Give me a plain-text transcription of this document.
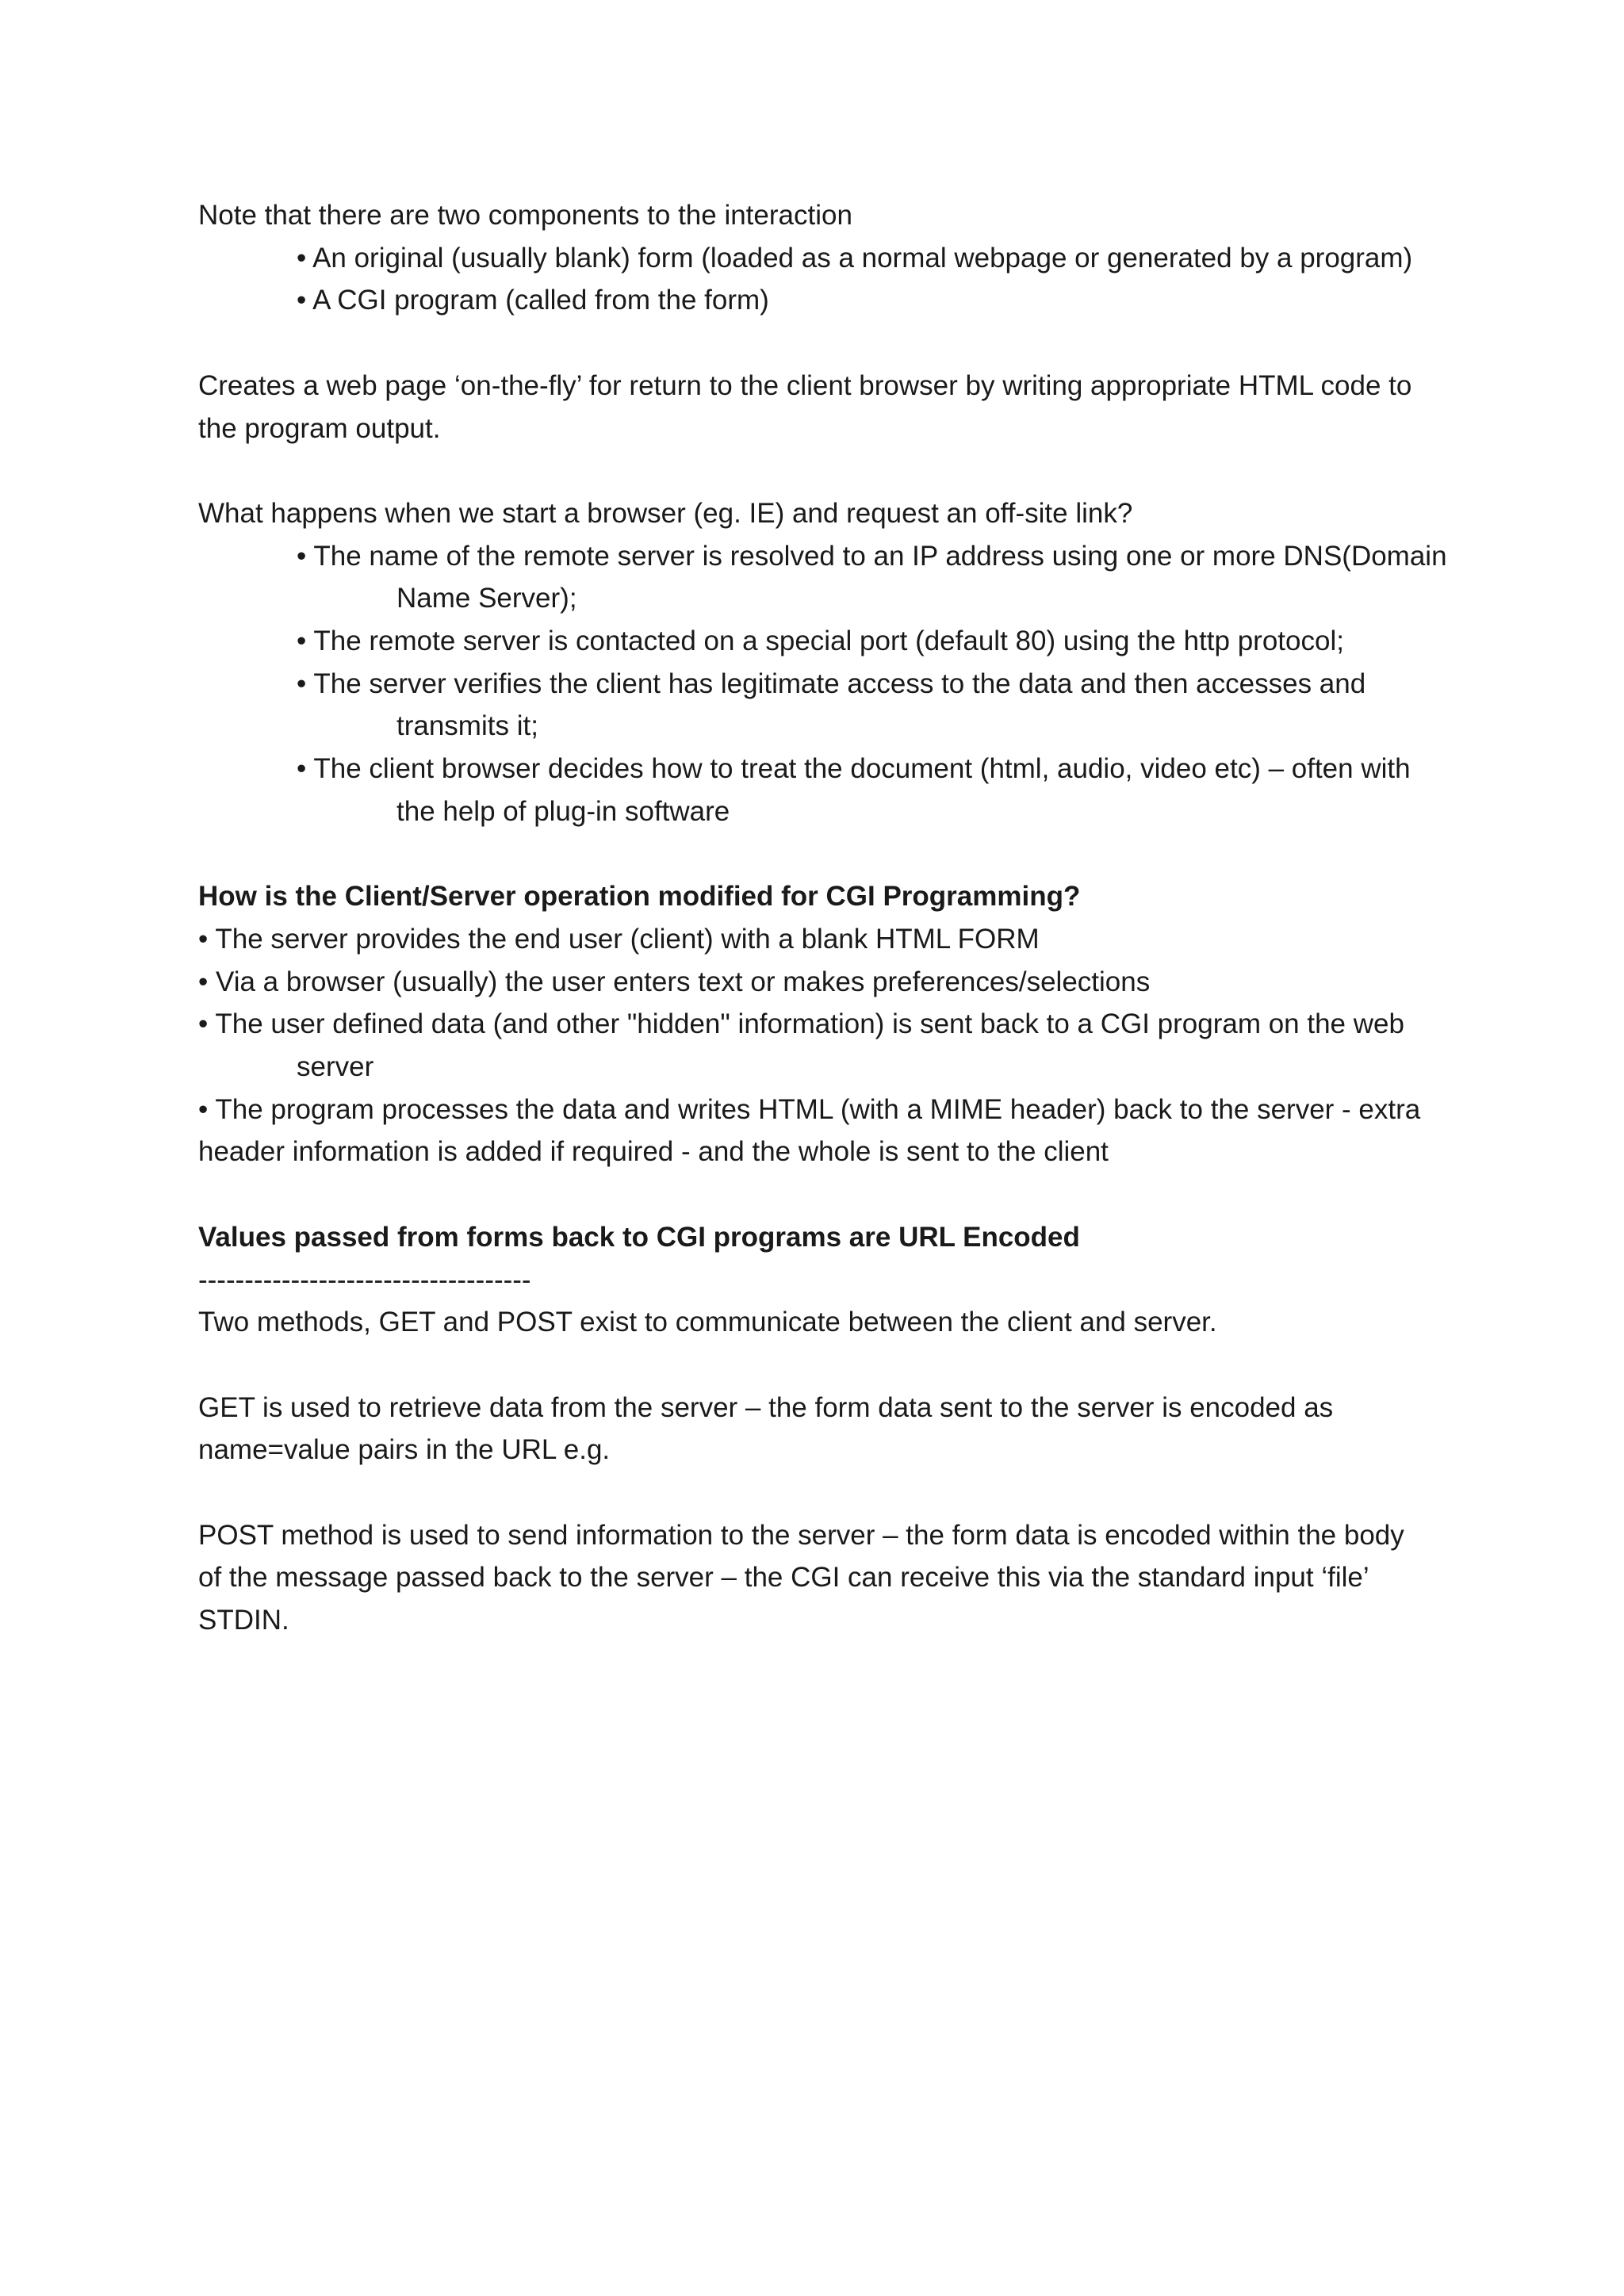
Note that there are two components to the interaction

• An original (usually blank) form (loaded as a normal webpage or generated by a program)

• A CGI program (called from the form)

Creates a web page ‘on-the-fly’ for return to the client browser by writing appropriate HTML code to

the program output.

What happens when we start a browser (eg. IE) and request an off-site link?

• The name of the remote server is resolved to an IP address using one or more DNS(Domain

Name Server);

• The remote server is contacted on a special port (default 80) using the http protocol;

• The server verifies the client has legitimate access to the data and then accesses and

transmits it;

• The client browser decides how to treat the document (html, audio, video etc) – often with

the help of plug-in software

How is the Client/Server operation modified for CGI Programming?

• The server provides the end user (client) with a blank HTML FORM

• Via a browser (usually) the user enters text or makes preferences/selections

• The user defined data (and other "hidden" information) is sent back to a CGI program on the web

server

• The program processes the data and writes HTML (with a MIME header) back to the server - extra

header information is added if required - and the whole is sent to the client

Values passed from forms back to CGI programs are URL Encoded

------------------------------------

Two methods, GET and POST exist to communicate between the client and server.

GET is used to retrieve data from the server – the form data sent to the server is encoded as

name=value pairs in the URL e.g.

POST method is used to send information to the server – the form data is encoded within the body

of the message passed back to the server – the CGI can receive this via the standard input ‘file’

STDIN.
